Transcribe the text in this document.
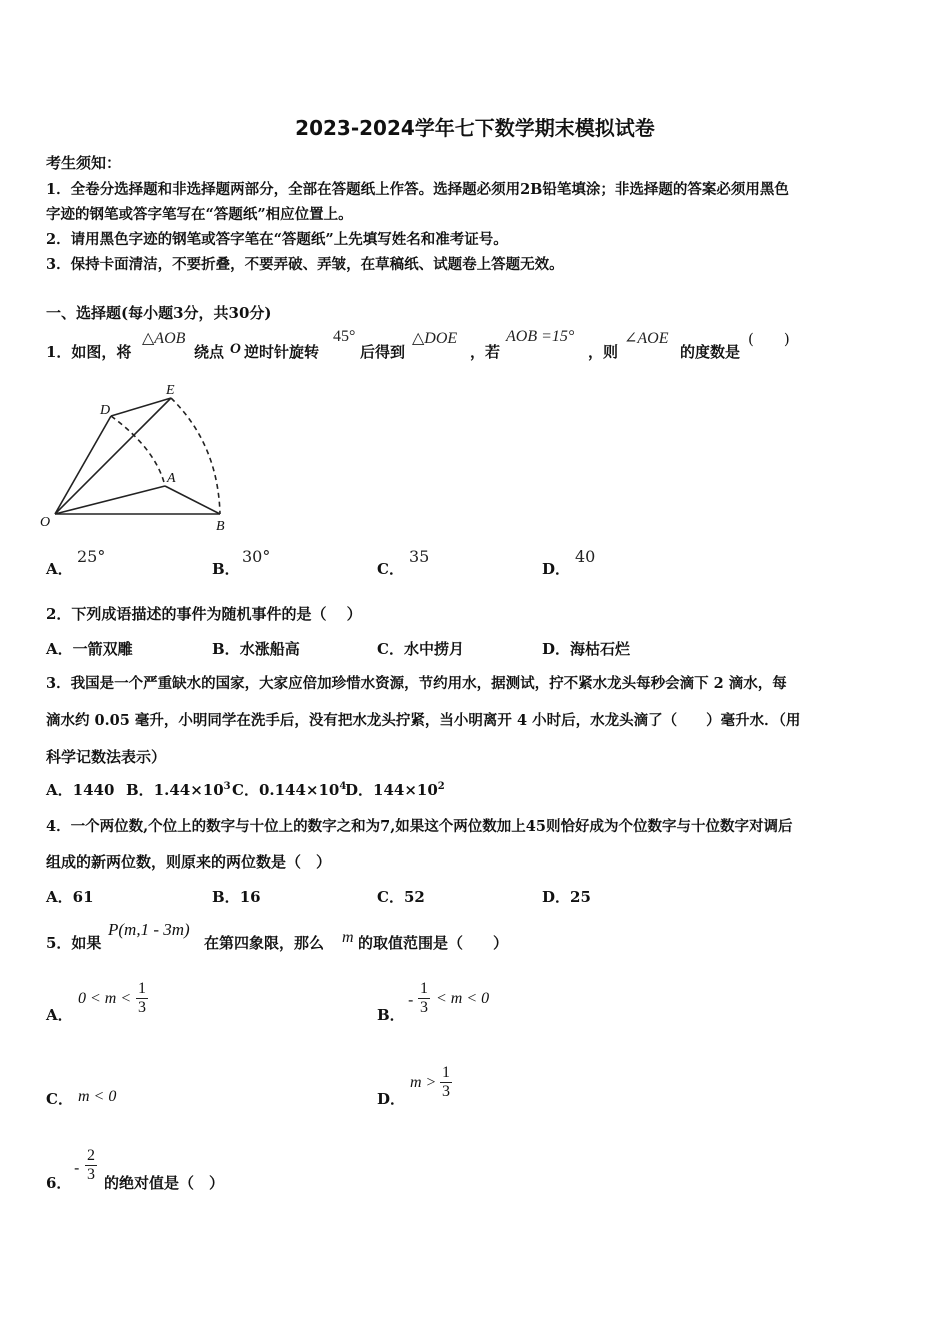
2023-2024学年七下数学期末模拟试卷
考生须知：
1．全卷分选择题和非选择题两部分，全部在答题纸上作答。选择题必须用2B铅笔填涂；非选择题的答案必须用黑色
字迹的钢笔或答字笔写在“答题纸”相应位置上。
2．请用黑色字迹的钢笔或答字笔在“答题纸”上先填写姓名和准考证号。
3．保持卡面清洁，不要折叠，不要弄破、弄皱，在草稿纸、试题卷上答题无效。
一、选择题(每小题3分，共30分)
1．如图，将
△AOB
绕点 O 逆时针旋转
45°
后得到
△DOE
，若
AOB =15°
，则
∠AOE
的度数是
(　　)
D
E
A
O	B
A．
25°
B．
30°
C．
35
D．
40
2．下列成语描述的事件为随机事件的是（　 ）
A．一箭双雕	B．水涨船高	C．水中捞月	D．海枯石烂
3．我国是一个严重缺水的国家，大家应倍加珍惜水资源，节约用水，据测试，拧不紧水龙头每秒会滴下 2 滴水，每
滴水约 0.05 毫升，小明同学在洗手后，没有把水龙头拧紧，当小明离开 4 小时后，水龙头滴了（　　）毫升水．（用
科学记数法表示）
A．1440 B．$1.44\times 10^3$ C．$0.144\times 10^4$
D．$144\times 10^2$
4．一个两位数,个位上的数字与十位上的数字之和为7,如果这个两位数加上45则恰好成为个位数字与十位数字对调后
组成的新两位数，则原来的两位数是（　）
A．61	B．16	C．52	D．25
5．如果
P(m,1 - 3m)
在第四象限，那么 m 的取值范围是（　　）
A．
0 < m <
1
3	B．
-
1
3
< m < 0
C． m < 0	D．
m >
1
3
6．
-
2
3 的绝对值是（　）
